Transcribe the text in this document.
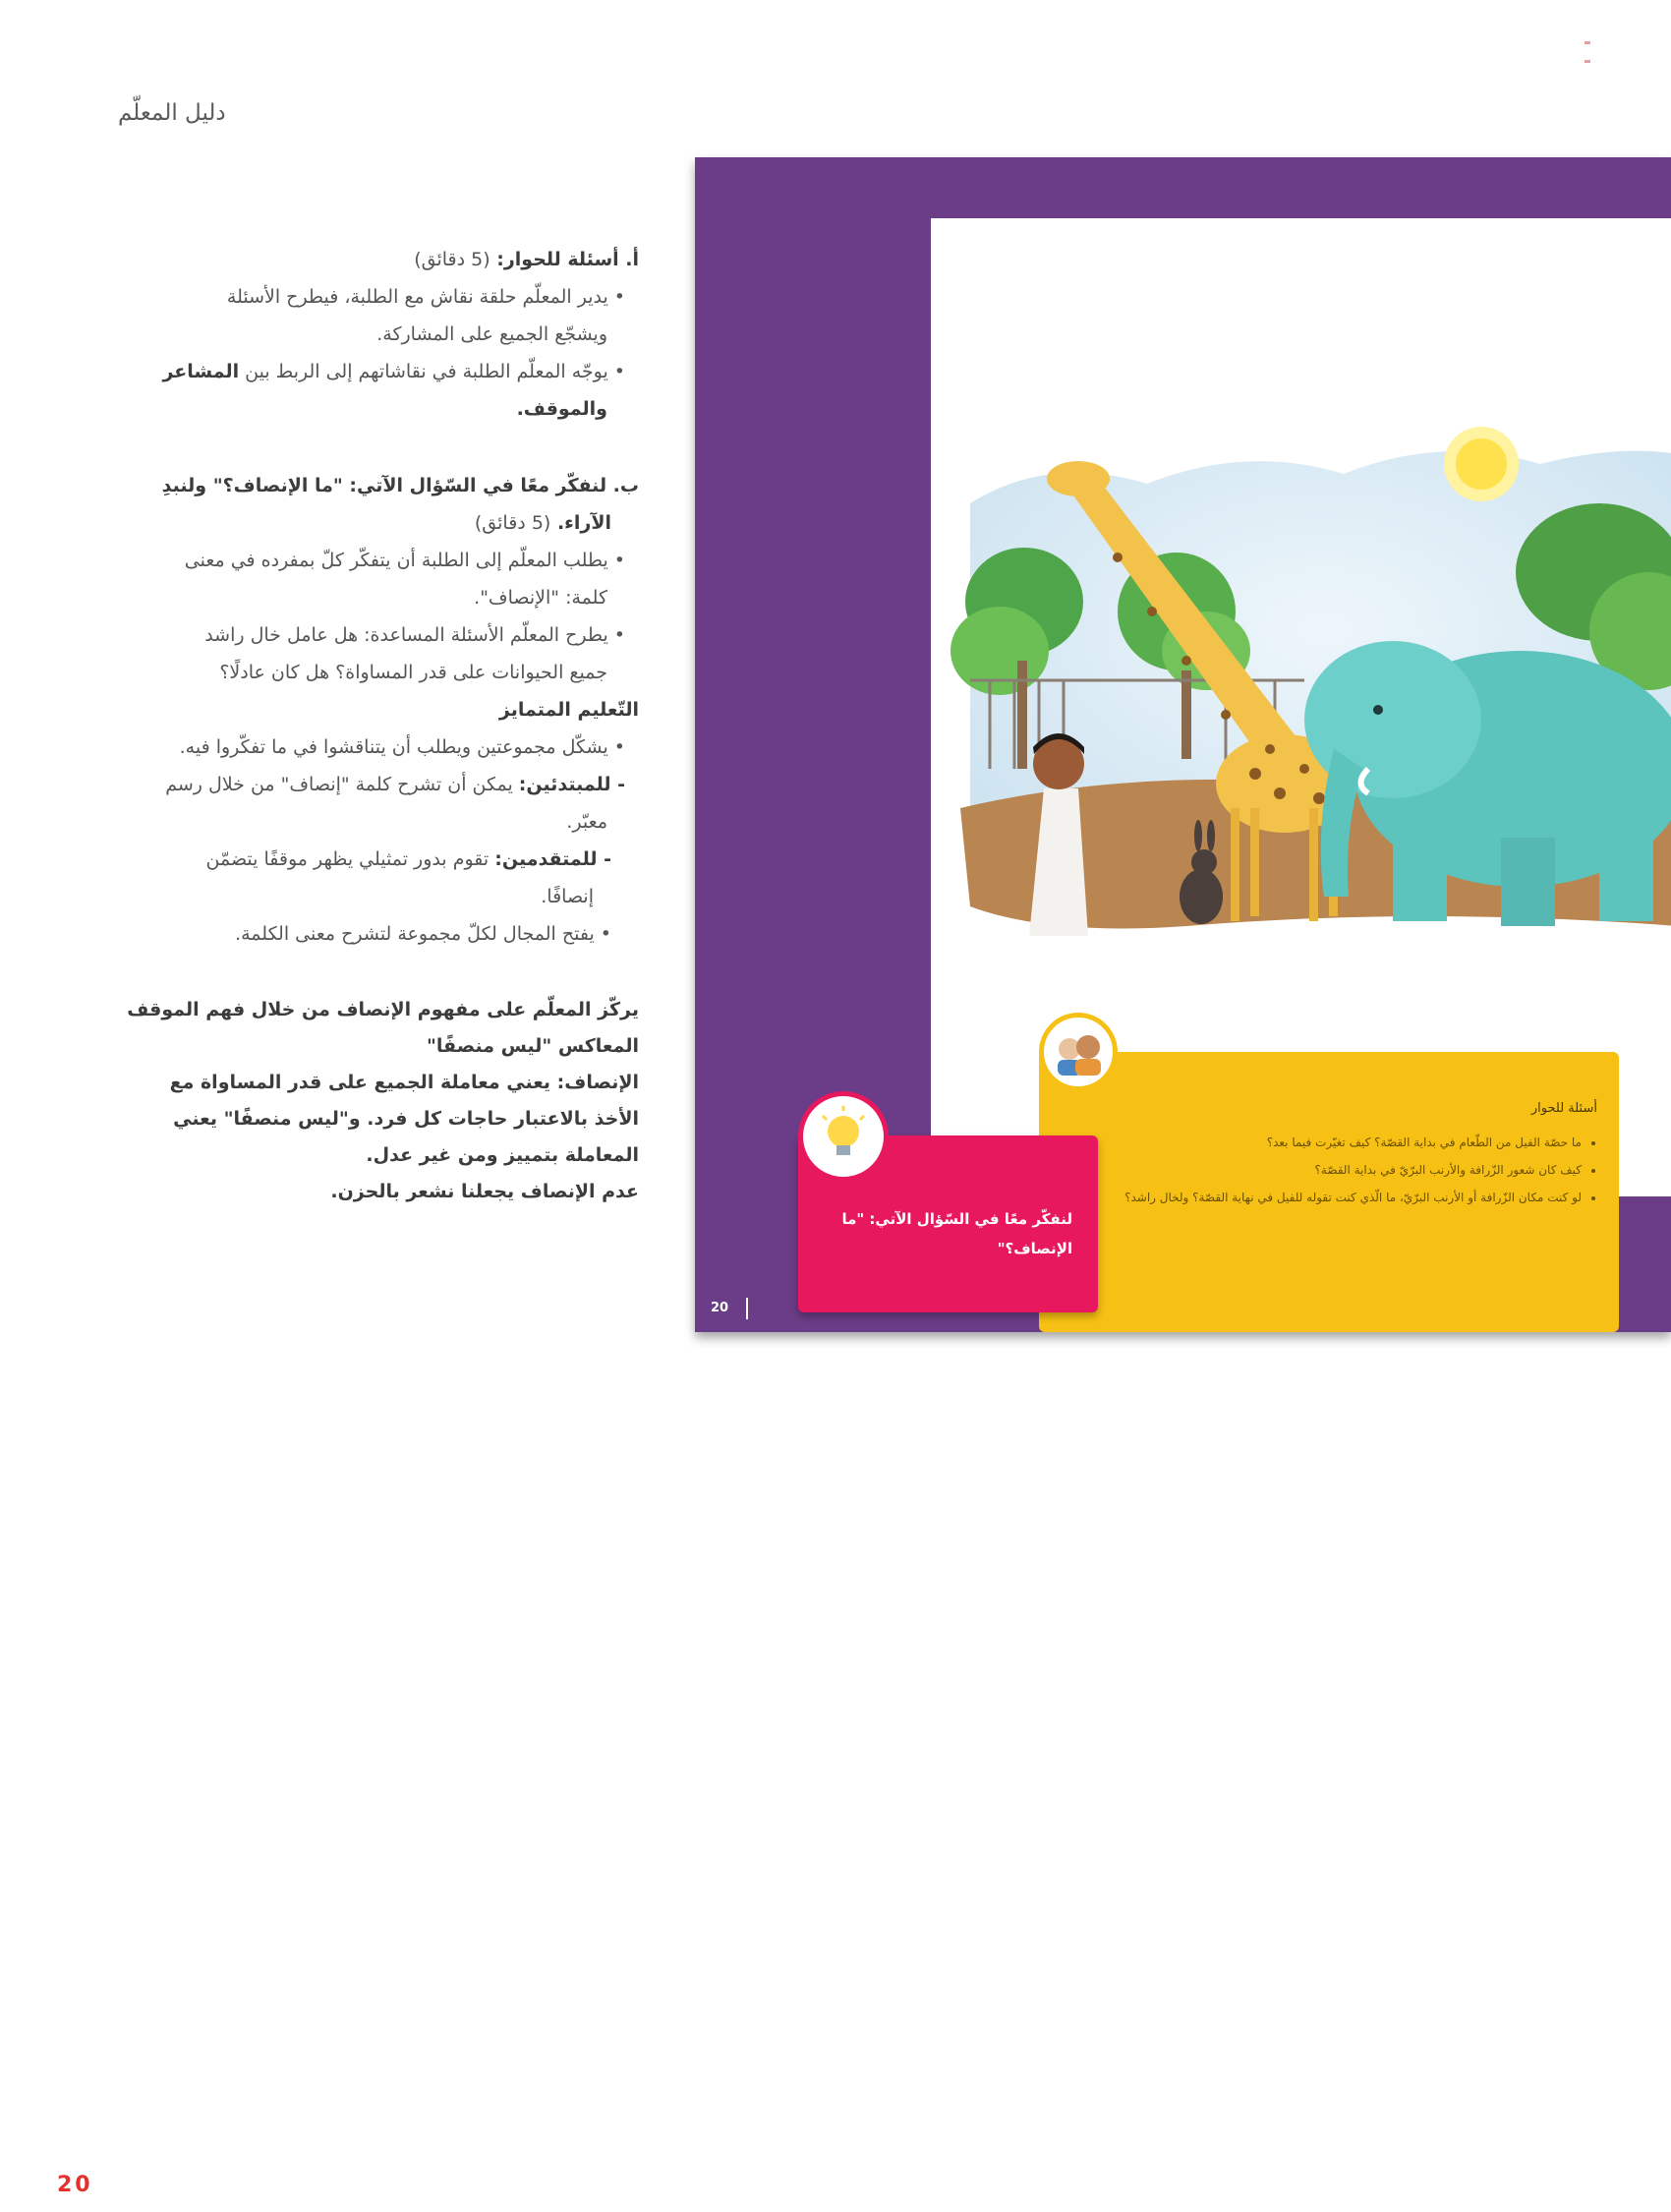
دليل المعلّم

أ. أسئلة للحوار: (5 دقائق)

• يدير المعلّم حلقة نقاش مع الطلبة، فيطرح الأسئلة
ويشجّع الجميع على المشاركة.

• يوجّه المعلّم الطلبة في نقاشاتهم إلى الربط بين المشاعر
والموقف.

ب. لنفكّر معًا في السّؤال الآتي: "ما الإنصاف؟" ولنبدِ

الآراء. (5 دقائق)

• يطلب المعلّم إلى الطلبة أن يتفكّر كلّ بمفرده في معنى
كلمة: "الإنصاف".

• يطرح المعلّم الأسئلة المساعدة: هل عامل خال راشد
جميع الحيوانات على قدر المساواة؟ هل كان عادلًا؟

التّعليم المتمايز

• يشكّل مجموعتين ويطلب أن يتناقشوا في ما تفكّروا فيه.

- للمبتدئين: يمكن أن تشرح كلمة "إنصاف" من خلال رسم
معبّر.

- للمتقدمين: تقوم بدور تمثيلي يظهر موقفًا يتضمّن
إنصافًا.

• يفتح المجال لكلّ مجموعة لتشرح معنى الكلمة.

يركّز المعلّم على مفهوم الإنصاف من خلال فهم الموقف

المعاكس "ليس منصفًا"

الإنصاف: يعني معاملة الجميع على قدر المساواة مع

الأخذ بالاعتبار حاجات كل فرد. و"ليس منصفًا" يعني

المعاملة بتمييز ومن غير عدل.

عدم الإنصاف يجعلنا نشعر بالحزن.

أسئلة للحوار
• ما حصّة الفيل من الطّعام في بداية القصّة؟ كيف تغيّرت فيما بعد؟
• كيف كان شعور الزّرافة والأرنب البرّيّ في بداية القصّة؟
• لو كنت مكان الزّرافة أو الأرنب البرّيّ، ما الّذي كنت تقوله للفيل في نهاية القصّة؟ ولخال راشد؟
لنفكّر معًا في السّؤال الآتي: "ما الإنصاف؟"
20
20
